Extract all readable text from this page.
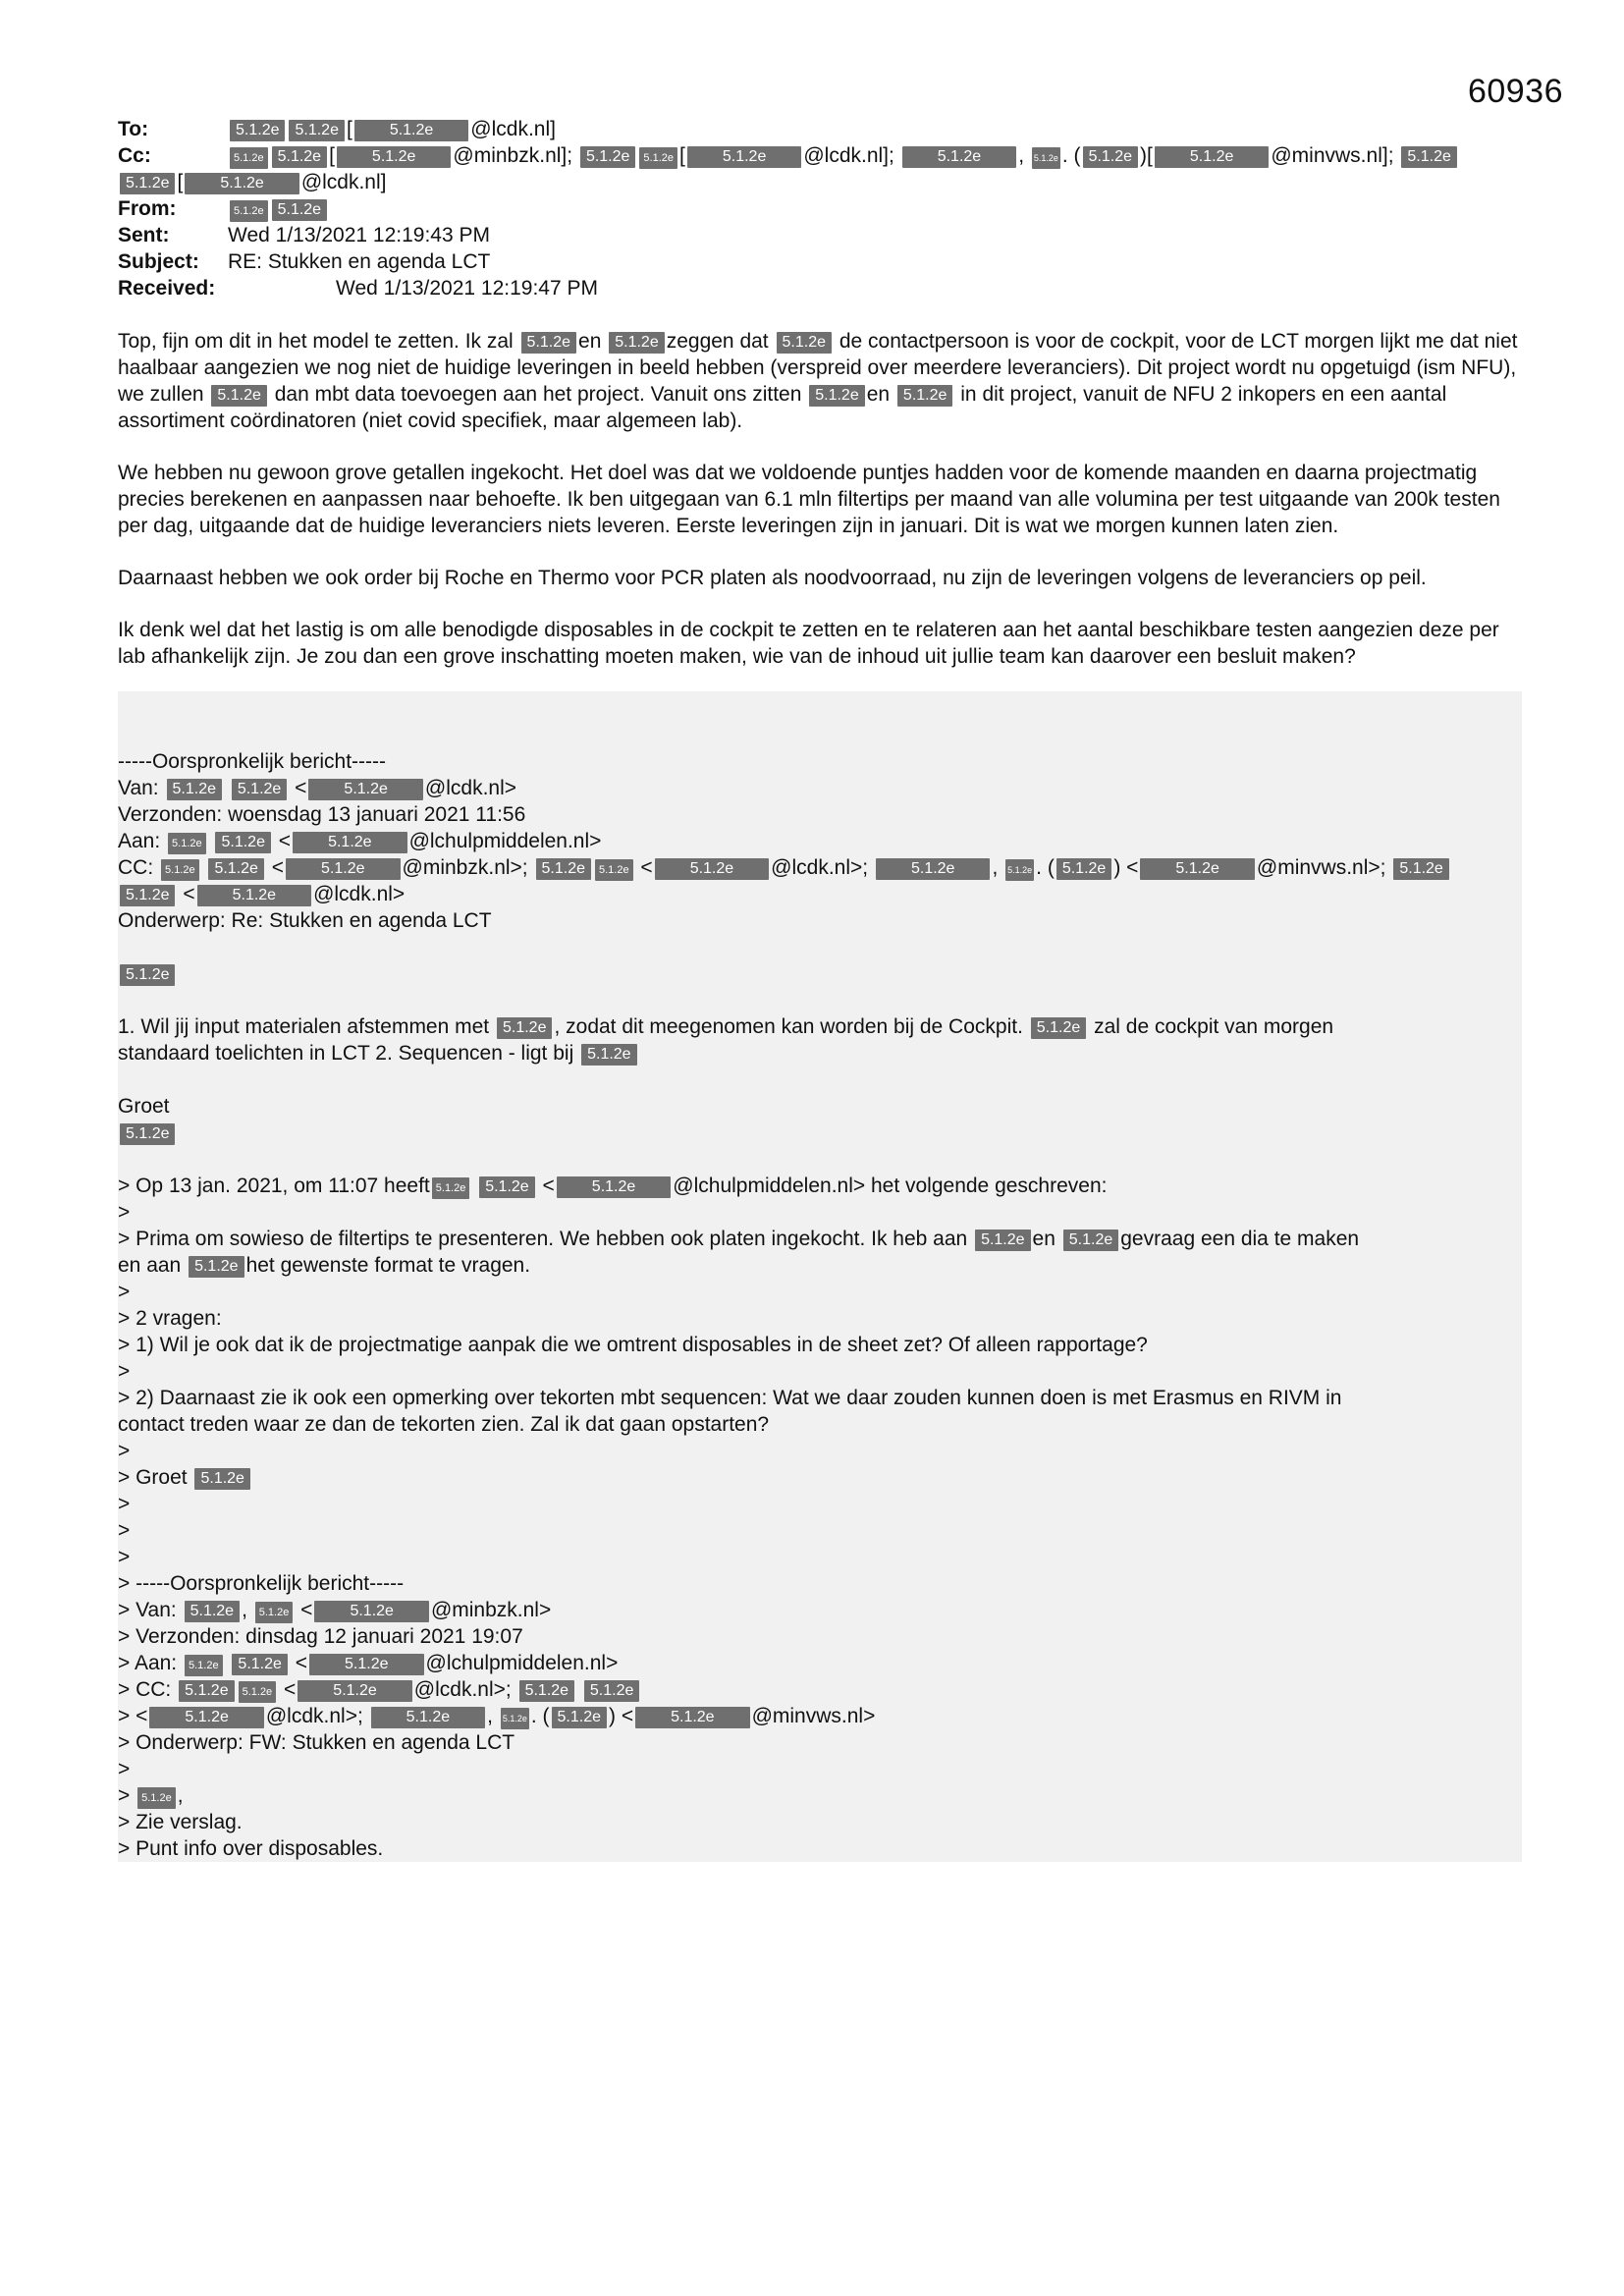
60936
To:	5.1.2e 5.1.2e [ 5.1.2e @lcdk.nl]
Cc:	5.1.2e 5.1.2e [ 5.1.2e @minbzk.nl]; 5.1.2e 5.1.2e [ 5.1.2e @lcdk.nl];	5.1.2e , 5.1.2e . ( 5.1.2e )[ 5.1.2e @minvws.nl]; 5.1.2e
5.1.2e [ 5.1.2e @lcdk.nl]
From:	5.1.2e 5.1.2e
Sent:	Wed 1/13/2021 12:19:43 PM
Subject: RE: Stukken en agenda LCT
Received:	Wed 1/13/2021 12:19:47 PM

Top, fijn om dit in het model te zetten. Ik zal 5.1.2e en 5.1.2e zeggen dat 5.1.2e de contactpersoon is voor de cockpit, voor de LCT morgen lijkt me dat niet haalbaar aangezien we nog niet de huidige leveringen in beeld hebben (verspreid over meerdere leveranciers). Dit project wordt nu opgetuigd (ism NFU), we zullen 5.1.2e dan mbt data toevoegen aan het project. Vanuit ons zitten 5.1.2e en 5.1.2e in dit project, vanuit de NFU 2 inkopers en een aantal assortiment coördinatoren (niet covid specifiek, maar algemeen lab).

We hebben nu gewoon grove getallen ingekocht. Het doel was dat we voldoende puntjes hadden voor de komende maanden en daarna projectmatig precies berekenen en aanpassen naar behoefte. Ik ben uitgegaan van 6.1 mln filtertips per maand van alle volumina per test uitgaande van 200k testen per dag, uitgaande dat de huidige leveranciers niets leveren. Eerste leveringen zijn in januari. Dit is wat we morgen kunnen laten zien.

Daarnaast hebben we ook order bij Roche en Thermo voor PCR platen als noodvoorraad, nu zijn de leveringen volgens de leveranciers op peil.

Ik denk wel dat het lastig is om alle benodigde disposables in de cockpit te zetten en te relateren aan het aantal beschikbare testen aangezien deze per lab afhankelijk zijn. Je zou dan een grove inschatting moeten maken, wie van de inhoud uit jullie team kan daarover een besluit maken?

-----Oorspronkelijk bericht-----
Van: 5.1.2e 5.1.2e < 5.1.2e @lcdk.nl>
Verzonden: woensdag 13 januari 2021 11:56
Aan: 5.1.2e 5.1.2e < 5.1.2e @lchulpmiddelen.nl>
CC: 5.1.2e 5.1.2e < 5.1.2e @minbzk.nl>; 5.1.2e 5.1.2e < 5.1.2e @lcdk.nl>;	5.1.2e , 5.1.2e . ( 5.1.2e ) < 5.1.2e @minvws.nl>; 5.1.2e
5.1.2e < 5.1.2e @lcdk.nl>
Onderwerp: Re: Stukken en agenda LCT
5.1.2e
1. Wil jij input materialen afstemmen met 5.1.2e , zodat dit meegenomen kan worden bij de Cockpit. 5.1.2e zal de cockpit van morgen
standaard toelichten in LCT 2. Sequencen - ligt bij 5.1.2e
Groet
5.1.2e
> Op 13 jan. 2021, om 11:07 heeft 5.1.2e 5.1.2e < 5.1.2e @lchulpmiddelen.nl> het volgende geschreven:
>
> Prima om sowieso de filtertips te presenteren. We hebben ook platen ingekocht. Ik heb aan 5.1.2e en 5.1.2e gevraag een dia te maken
en aan 5.1.2e het gewenste format te vragen.
>
> 2 vragen:
> 1) Wil je ook dat ik de projectmatige aanpak die we omtrent disposables in de sheet zet? Of alleen rapportage?
>
> 2) Daarnaast zie ik ook een opmerking over tekorten mbt sequencen: Wat we daar zouden kunnen doen is met Erasmus en RIVM in
contact treden waar ze dan de tekorten zien. Zal ik dat gaan opstarten?
>
> Groet 5.1.2e
>
>
>
> -----Oorspronkelijk bericht-----
> Van: 5.1.2e , 5.1.2e < 5.1.2e @minbzk.nl>
> Verzonden: dinsdag 12 januari 2021 19:07
> Aan: 5.1.2e 5.1.2e < 5.1.2e @lchulpmiddelen.nl>
> CC: 5.1.2e 5.1.2e < 5.1.2e @lcdk.nl>; 5.1.2e 5.1.2e
> < 5.1.2e @lcdk.nl>;	5.1.2e , 5.1.2e . ( 5.1.2e ) < 5.1.2e @minvws.nl>
> Onderwerp: FW: Stukken en agenda LCT
>
> 5.1.2e ,
> Zie verslag.
> Punt info over disposables.
